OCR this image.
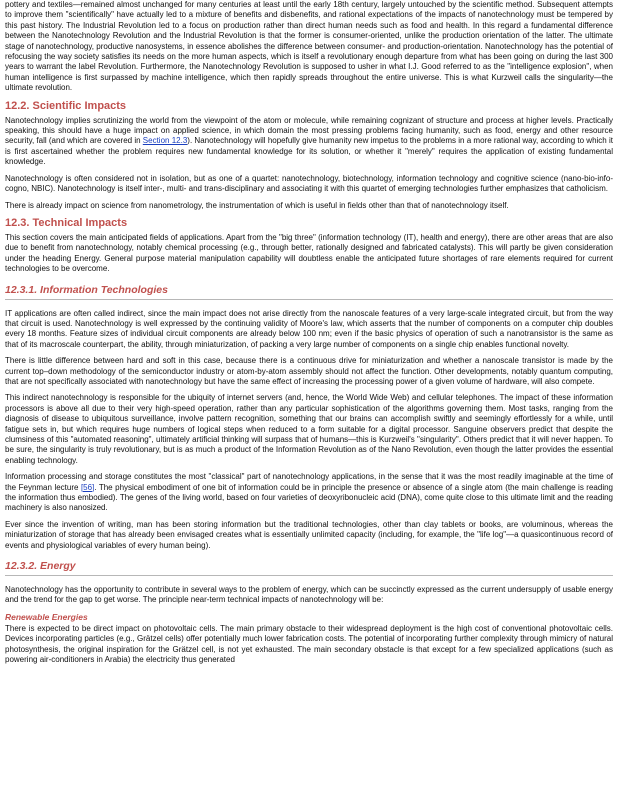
pottery and textiles—remained almost unchanged for many centuries at least until the early 18th century, largely untouched by the scientific method. Subsequent attempts to improve them "scientifically" have actually led to a mixture of benefits and disbenefits, and rational expectations of the impacts of nanotechnology must be tempered by this past history. The Industrial Revolution led to a focus on production rather than direct human needs such as food and health. In this regard a fundamental difference between the Nanotechnology Revolution and the Industrial Revolution is that the former is consumer-oriented, unlike the production orientation of the latter. The ultimate stage of nanotechnology, productive nanosystems, in essence abolishes the difference between consumer- and production-orientation. Nanotechnology has the potential of refocusing the way society satisfies its needs on the more human aspects, which is itself a revolutionary enough departure from what has been going on during the last 300 years to warrant the label Revolution. Furthermore, the Nanotechnology Revolution is supposed to usher in what I.J. Good referred to as the "intelligence explosion", when human intelligence is first surpassed by machine intelligence, which then rapidly spreads throughout the entire universe. This is what Kurzweil calls the singularity—the ultimate revolution.

12.2. Scientific Impacts

Nanotechnology implies scrutinizing the world from the viewpoint of the atom or molecule, while remaining cognizant of structure and process at higher levels. Practically speaking, this should have a huge impact on applied science, in which domain the most pressing problems facing humanity, such as food, energy and other resource security, fall (and which are covered in Section 12.3). Nanotechnology will hopefully give humanity new impetus to the problems in a more rational way, according to which it is first ascertained whether the problem requires new fundamental knowledge for its solution, or whether it "merely" requires the application of existing fundamental knowledge.

Nanotechnology is often considered not in isolation, but as one of a quartet: nanotechnology, biotechnology, information technology and cognitive science (nano-bio-info-cogno, NBIC). Nanotechnology is itself inter-, multi- and trans-disciplinary and associating it with this quartet of emerging technologies further emphasizes that catholicism.

There is already impact on science from nanometrology, the instrumentation of which is useful in fields other than that of nanotechnology itself.

12.3. Technical Impacts

This section covers the main anticipated fields of applications. Apart from the "big three" (information technology (IT), health and energy), there are other areas that are also due to benefit from nanotechnology, notably chemical processing (e.g., through better, rationally designed and fabricated catalysts). This will partly be given consideration under the heading Energy. General purpose material manipulation capability will doubtless enable the anticipated future shortages of rare elements required for current technologies to be overcome.

12.3.1. Information Technologies

IT applications are often called indirect, since the main impact does not arise directly from the nanoscale features of a very large-scale integrated circuit, but from the way that circuit is used. Nanotechnology is well expressed by the continuing validity of Moore's law, which asserts that the number of components on a computer chip doubles every 18 months. Feature sizes of individual circuit components are already below 100 nm; even if the basic physics of operation of such a nanotransistor is the same as that of its macroscale counterpart, the ability, through miniaturization, of packing a very large number of components on a single chip enables functional novelty.

There is little difference between hard and soft in this case, because there is a continuous drive for miniaturization and whether a nanoscale transistor is made by the current top–down methodology of the semiconductor industry or atom-by-atom assembly should not affect the function. Other developments, notably quantum computing, that are not specifically associated with nanotechnology but have the same effect of increasing the processing power of a given volume of hardware, will also compete.

This indirect nanotechnology is responsible for the ubiquity of internet servers (and, hence, the World Wide Web) and cellular telephones. The impact of these information processors is above all due to their very high-speed operation, rather than any particular sophistication of the algorithms governing them. Most tasks, ranging from the diagnosis of disease to ubiquitous surveillance, involve pattern recognition, something that our brains can accomplish swiftly and seemingly effortlessly for a while, until fatigue sets in, but which requires huge numbers of logical steps when reduced to a form suitable for a digital processor. Sanguine observers predict that despite the clumsiness of this "automated reasoning", ultimately artificial thinking will surpass that of humans—this is Kurzweil's "singularity". Others predict that it will never happen. To be sure, the singularity is truly revolutionary, but is as much a product of the Information Revolution as of the Nano Revolution, even though the latter provides the essential enabling technology.

Information processing and storage constitutes the most "classical" part of nanotechnology applications, in the sense that it was the most readily imaginable at the time of the Feynman lecture [56]. The physical embodiment of one bit of information could be in principle the presence or absence of a single atom (the main challenge is reading the information thus embodied). The genes of the living world, based on four varieties of deoxyribonucleic acid (DNA), come quite close to this ultimate limit and the reading machinery is also nanosized.

Ever since the invention of writing, man has been storing information but the traditional technologies, other than clay tablets or books, are voluminous, whereas the miniaturization of storage that has already been envisaged creates what is essentially unlimited capacity (including, for example, the "life log"—a quasicontinuous record of events and physiological variables of every human being).

12.3.2. Energy

Nanotechnology has the opportunity to contribute in several ways to the problem of energy, which can be succinctly expressed as the current undersupply of usable energy and the trend for the gap to get worse. The principle near-term technical impacts of nanotechnology will be:

Renewable Energies

There is expected to be direct impact on photovoltaic cells. The main primary obstacle to their widespread deployment is the high cost of conventional photovoltaic cells. Devices incorporating particles (e.g., Grätzel cells) offer potentially much lower fabrication costs. The potential of incorporating further complexity through mimicry of natural photosynthesis, the original inspiration for the Grätzel cell, is not yet exhausted. The main secondary obstacle is that except for a few specialized applications (such as powering air-conditioners in Arabia) the electricity thus generated
